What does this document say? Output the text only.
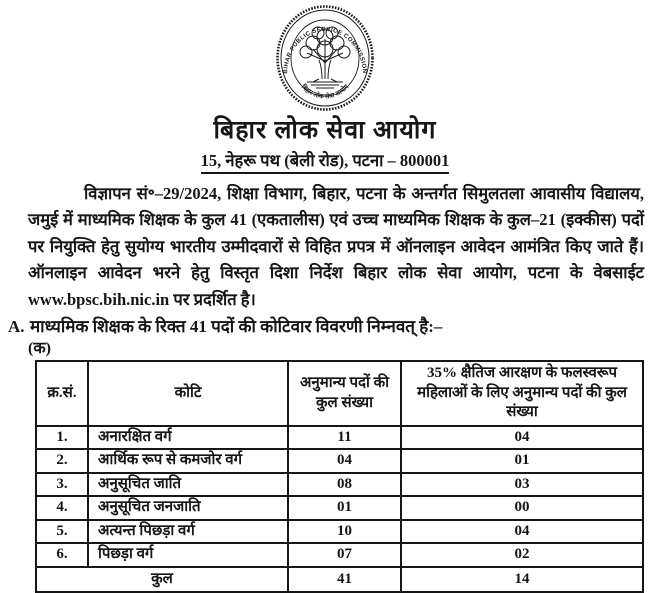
BIHAR PUBLIC SERVICE COMMISSION
बिहार लोक सेवा आयोग
बिहार लोक सेवा आयोग
15, नेहरू पथ (बेली रोड), पटना – 800001
विज्ञापन सं॰–29/2024, शिक्षा विभाग, बिहार, पटना के अन्तर्गत सिमुलतला आवासीय विद्यालय, जमुई में माध्यमिक शिक्षक के कुल 41 (एकतालीस) एवं उच्च माध्यमिक शिक्षक के कुल–21 (इक्कीस) पदों पर नियुक्ति हेतु सुयोग्य भारतीय उम्मीदवारों से विहित प्रपत्र में ऑनलाइन आवेदन आमंत्रित किए जाते हैं। ऑनलाइन आवेदन भरने हेतु विस्तृत दिशा निर्देश बिहार लोक सेवा आयोग, पटना के वेबसाईट www.bpsc.bih.nic.in पर प्रदर्शित है।
A. माध्यमिक शिक्षक के रिक्त 41 पदों की कोटिवार विवरणी निम्नवत् है:–
(क)
क्र.सं.	कोटि	अनुमान्य पदों की कुल संख्या	35% क्षैतिज आरक्षण के फलस्वरूप महिलाओं के लिए अनुमान्य पदों की कुल संख्या
1.	अनारक्षित वर्ग	11	04
2.	आर्थिक रूप से कमजोर वर्ग	04	01
3.	अनुसूचित जाति	08	03
4.	अनुसूचित जनजाति	01	00
5.	अत्यन्त पिछड़ा वर्ग	10	04
6.	पिछड़ा वर्ग	07	02
कुल		41	14
